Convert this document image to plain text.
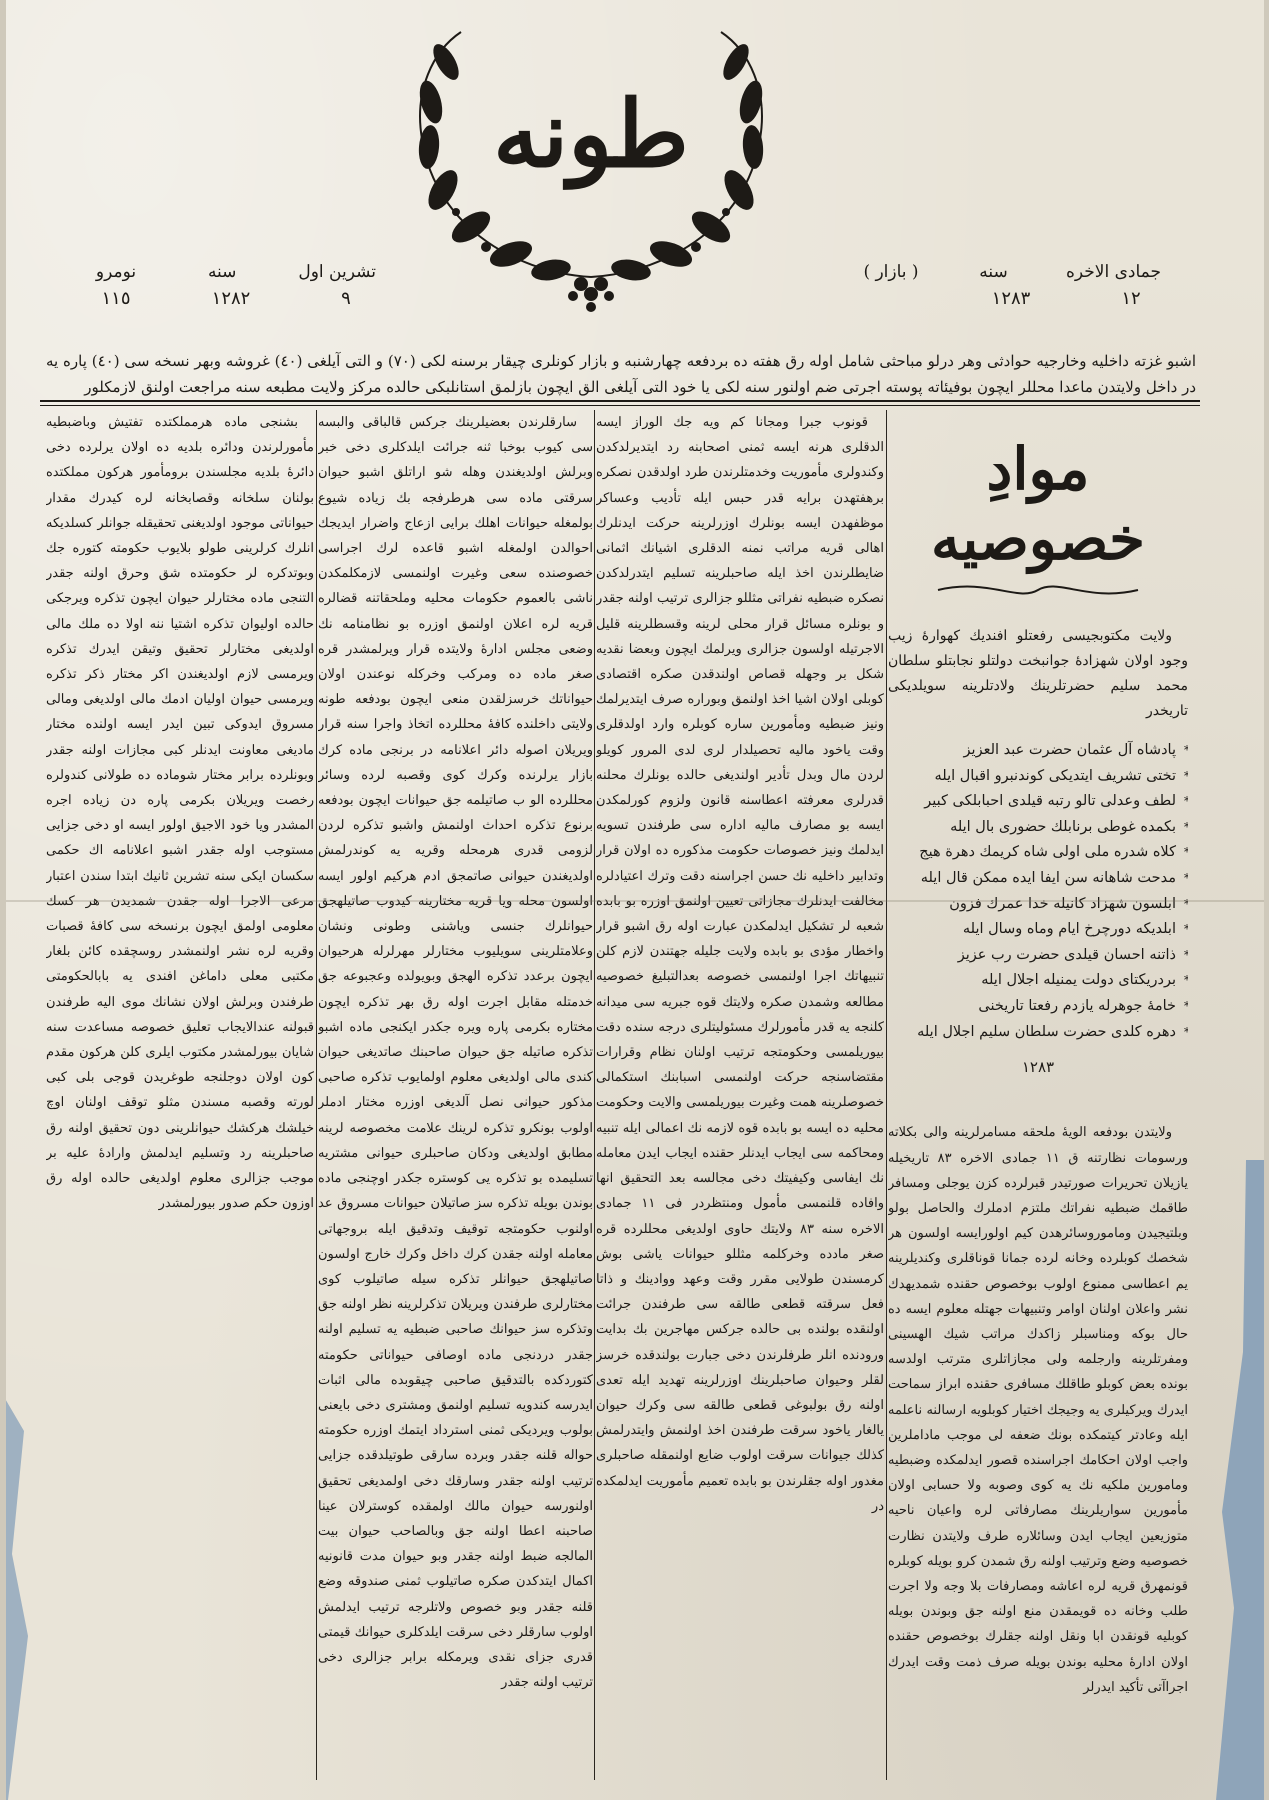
طونه
تشرين اول
سنه
نومرو
٩
١٢٨٢
١١٥
جمادى الاخره
سنه
( بازار )
١٢
١٢٨٣
اشبو غزته داخليه وخارجيه حوادثى وهر درلو مباحثى شامل اوله رق هفته ده بردفعه چهارشنبه و بازار كونلرى چيقار برسنه لكى (٧٠) و التى آيلغى (٤٠) غروشه وبهر نسخه سى (٤٠) پاره يه در داخل ولايتدن ماعدا محللر ايچون بوفيئاته پوسته اجرتى ضم اولنور سنه لكى يا خود التى آيلغى الق ايچون بازلمق استانلبكى حالده مركز ولايت مطبعه سنه مراجعت اولنق لازمكلور
موادِ خصوصيه

ولايت مكتوبجيسى رفعتلو افنديك كهوارهٔ زيب وجود اولان شهزادهٔ جوانبخت دولتلو نجابتلو سلطان محمد سليم حضرتلرينك ولادتلرينه سويلديكى تاريخدر

* پادشاه آل عثمان حضرت عبد العزيز
* تختى تشريف ايتديكى كوندنبرو اقبال ايله
* لطف وعدلى تالو رتبه قيلدى احبابلكى كبير
* بكمده غوطى برنابلك حضورى بال ايله
* كلاه شدره ملى اولى شاه كريمك دهرة هيج
* مدحت شاهانه سن ايفا ايده ممكن قال ايله
* ابلسون شهزاد كانيله خدا عمرك فزون
* ابلديكه دورچرخ ايام وماه وسال ايله
* ذاتنه احسان قيلدى حضرت رب عزيز
* بردريكتاى دولت يمنيله اجلال ايله
* خامهٔ جوهرله يازدم رفعتا تاريخنى
* دهره كلدى حضرت سلطان سليم اجلال ايله
١٢٨٣

ولايتدن بودفعه الويهٔ ملحقه مسامرلرينه والى بكلاته ورسومات نظارتنه ق ١١ جمادى الاخره ٨٣ تاريخيله يازيلان تحريرات صورتيدر قبرلرده كزن يوجلى ومسافر طاقمك ضبطيه نفراتك ملتزم ادملرك والحاصل بولو وبلتيجيدن وماموروسائرهدن كيم اولورايسه اولسون هر شخصك كوبلرده وخانه لرده جمانا قوناقلرى وكنديلرينه يم اعطاسى ممنوع اولوب بوخصوص حقنده شمديهدك نشر واعلان اولنان اوامر وتنبيهات جهتله معلوم ايسه ده حال بوكه ومناسبلر زاكدك مراتب شيك الهسينى ومفرتلرينه وارجلمه ولى مجازاتلرى مترتب اولدسه بونده بعض كوبلو طاقلك مسافرى حقنده ابراز سماحت ايدرك ويركيلرى يه وجيجك اختيار كوبلويه ارسالنه ناعلمه ايله وعادتر كيتمكده بونك ضعفه لى موجب ماداملرين واجب اولان احكامك اجراسنده قصور ايدلمكده وضبطيه ومامورين ملكيه نك يه كوى وصوبه ولا حسابى اولان مأمورين سواريلرينك مصارفاتى لره واعيان ناحيه متوزيعين ايجاب ايدن وسائلاره طرف ولايتدن نظارت خصوصيه وضع وترتيب اولنه رق شمدن كرو بويله كوبلره قونمهرق قريه لره اعاشه ومصارفات بلا وجه ولا اجرت طلب وخانه ده قويمقدن منع اولنه جق وبوندن بويله كوبليه قونقدن ابا ونقل اولنه جقلرك بوخصوص حقنده اولان ادارهٔ محليه بوندن بويله صرف ذمت وقت ايدرك اجراآتى تأكيد ايدرلر

قونوب جبرا ومجانا كم ويه جك الوراز ايسه الدقلرى هرنه ايسه ثمنى اصحابنه رد ايتديرلدكدن وكندولرى مأموريت وخدمتلرندن طرد اولدقدن نصكره برهفتهدن برايه قدر حبس ايله تأديب وعساكر موظفهدن ايسه بونلرك اوزرلرينه حركت ايدنلرك اهالى قريه مراتب نمنه الدقلرى اشيانك اثمانى ضايطلرندن اخذ ايله صاحبلرينه تسليم ايتدرلدكدن نصكره ضبطيه نفراتى مثللو جزالرى ترتيب اولنه جقدر و بونلره مسائل قرار محلى لرينه وقسطلرينه قليل الاجرتيله اولسون جزالرى ويرلمك ايچون وبعضا نقديه شكل بر وجهله قصاص اولندقدن صكره اقتصادى كوبلى اولان اشيا اخذ اولنمق وبوراره صرف ايتديرلمك ونيز ضبطيه ومأمورين ساره كوبلره وارد اولدقلرى وقت ياخود ماليه تحصيلدار لرى لدى المرور كويلو لردن مال وبدل تأدير اولنديغى حالده بونلرك محلنه قدرلرى معرفته اعطاسنه قانون ولزوم كورلمكدن ايسه بو مصارف ماليه اداره سى طرفندن تسويه ايدلمك ونيز خصوصات حكومت مذكوره ده اولان قرار وتدابير داخليه نك حسن اجراسنه دقت وترك اعتيادلره مخالفت ايدنلرك مجازاتى تعيين اولنمق اوزره بو بابده شعبه لر تشكيل ايدلمكدن عبارت اوله رق اشبو قرار واخطار مؤدى بو بابده ولايت جليله جهتندن لازم كلن تنبيهاتك اجرا اولنمسى خصوصه بعدالتبليغ خصوصيه مطالعه وشمدن صكره ولايتك قوه جبريه سى ميدانه كلنجه يه قدر مأمورلرك مسئوليتلرى درجه سنده دقت بيوريلمسى وحكومتجه ترتيب اولنان نظام وقرارات مقتضاسنجه حركت اولنمسى اسبابنك استكمالى خصوصلرينه همت وغيرت بيوريلمسى والايت وحكومت محليه ده ايسه بو بابده قوه لازمه نك اعمالى ايله تنبيه ومحاكمه سى ايجاب ايدنلر حقنده ايجاب ايدن معامله نك ايفاسى وكيفيتك دخى مجالسه بعد التحقيق انها وافاده قلنمسى مأمول ومنتظردر فى ١١ جمادى الاخره سنه ٨٣ ولايتك حاوى اولديغى محللرده قره صغر مادده وخركلمه مثللو حيوانات ياشى بوش كرمسندن طولايى مقرر وقت وعهد ووادينك و ذاتا فعل سرقته قطعى طالقه سى طرفندن جرائت اولنقده بولنده بى حالده جركس مهاجرين بك بدايت ورودنده انلر طرفلرندن دخى جبارت بولندقده خرسز لقلر وحيوان صاحبلرينك اوزرلرينه تهديد ايله تعدى اولنه رق بولبوغى قطعى طالقه سى وكرك حيوان يالغار ياخود سرقت طرفندن اخذ اولنمش وايتدرلمش كذلك جيوانات سرقت اولوب ضايع اولنمقله صاحبلرى مغدور اوله جقلرندن بو بابده تعميم مأموريت ايدلمكده در

سارقلرندن بعضيلرينك جركس قالباقى والبسه سى كيوب بوخبا ثنه جرائت ايلدكلرى دخى خبر وبرلش اولديغندن وهله شو اراتلق اشبو حيوان سرقتى ماده سى هرطرفجه بك زياده شيوع بولمغله حيوانات اهلك برايى ازعاج واضرار ايديجك احوالدن اولمغله اشبو قاعده لرك اجراسى خصوصنده سعى وغيرت اولنمسى لازمكلمكدن ناشى بالعموم حكومات محليه وملحقاتنه قضالره قريه لره اعلان اولنمق اوزره بو نظامنامه نك وضعى مجلس ادارهٔ ولايتده قرار ويرلمشدر قره صغر ماده ده ومركب وخركله نوعندن اولان حيواناتك خرسزلقدن منعى ايچون بودفعه طونه ولايتى داخلنده كافهٔ محللرده اتخاذ واجرا سنه قرار ويريلان اصوله دائر اعلانامه در برنجى ماده كرك بازار يرلرنده وكرك كوى وقصبه لرده وسائر محللرده الو ب صاتيلمه جق حيوانات ايچون بودفعه برنوع تذكره احداث اولنمش واشبو تذكره لردن لزومى قدرى هرمحله وقريه يه كوندرلمش اولديغندن حيوانى صاتمجق ادم هركيم اولور ايسه اولسون محله ويا قريه مختارينه كيدوب صاتيلهجق حيوانلرك جنسى وياشنى وطونى ونشان وعلامتلرينى سويليوب مختارلر مهرلرله هرحيوان ايچون برعدد تذكره الهجق وبويولده وعجبوعه جق خدمتله مقابل اجرت اوله رق بهر تذكره ايچون مختاره بكرمى پاره ويره جكدر ايكنجى ماده اشبو تذكره صاتيله جق حيوان صاحبنك صاتديغى حيوان كندى مالى اولديغى معلوم اولمايوب تذكره صاحبى مذكور حيوانى نصل آلديغى اوزره مختار ادملر اولوب بونكرو تذكره لرينك علامت مخصوصه لرينه مطابق اولديغى ودكان صاحبلرى حيوانى مشتريه تسليمده بو تذكره يى كوستره جكدر اوچنجى ماده بوندن بويله تذكره سز صاتيلان حيوانات مسروق عد اولنوب حكومتجه توقيف وتدقيق ايله بروجهاتى معامله اولنه جقدن كرك داخل وكرك خارج اولسون صاتيلهجق حيوانلر تذكره سيله صاتيلوب كوى مختارلرى طرفندن ويريلان تذكرلرينه نظر اولنه جق وتذكره سز حيوانك صاحبى ضبطيه يه تسليم اولنه جقدر دردنجى ماده اوصافى حيواناتى حكومته كتوردكده بالتدقيق صاحبى چيقوبده مالى اثبات ايدرسه كندويه تسليم اولنمق ومشترى دخى بايعنى بولوب ويرديكى ثمنى استرداد ايتمك اوزره حكومته حواله قلنه جقدر وبرده سارقى طوتيلدقده جزايى ترتيب اولنه جقدر وسارقك دخى اولمديغى تحقيق اولنورسه حيوان مالك اولمقده كوسترلان عينا صاحبنه اعطا اولنه جق وبالصاحب حيوان بيت المالجه ضبط اولنه جقدر وبو حيوان مدت قانونيه اكمال ايتدكدن صكره صاتيلوب ثمنى صندوقه وضع قلنه جقدر وبو خصوص ولاتلرجه ترتيب ايدلمش اولوب سارقلر دخى سرقت ايلدكلرى حيوانك قيمتى قدرى جزاى نقدى ويرمكله برابر جزالرى دخى ترتيب اولنه جقدر

بشنجى ماده هرمملكتده تفتيش وباضبطيه مأمورلرندن ودائره بلديه ده اولان يرلرده دخى دائرهٔ بلديه مجلسندن برومأمور هركون مملكتده بولنان سلخانه وقصابخانه لره كيدرك مقدار حيواناتى موجود اولديغنى تحقيقله جوانلر كسلديكه انلرك كرلرينى طولو بلايوب حكومته كتوره جك وبوتدكره لر حكومتده شق وحرق اولنه جقدر التنجى ماده مختارلر حيوان ايچون تذكره ويرجكى حالده اوليوان تذكره اشتيا ننه اولا ده ملك مالى اولديغى مختارلر تحقيق وتيقن ايدرك تذكره ويرمسى لازم اولديغندن اكر مختار ذكر تذكره ويرمسى حيوان اوليان ادمك مالى اولديغى ومالى مسروق ايدوكى تبين ايدر ايسه اولنده مختار ماديغى معاونت ايدنلر كبى مجازات اولنه جقدر وبونلرده برابر مختار شوماده ده طولانى كندولره رخصت ويريلان بكرمى پاره دن زياده اجره المشدر ويا خود الاجيق اولور ايسه او دخى جزايى مستوجب اوله جقدر اشبو اعلانامه اك حكمى سكسان ايكى سنه تشرين ثانيك ابتدا سندن اعتبار مرعى الاجرا اوله جقدن شمديدن هر كسك معلومى اولمق ايچون برنسخه سى كافهٔ قصبات وقريه لره نشر اولنمشدر روسچقده كائن بلغار مكتبى معلى داماغن افندى يه بابالحكومتى طرفندن وبرلش اولان نشانك موى اليه طرفندن قبولنه عندالايجاب تعليق خصوصه مساعدت سنه شايان بيورلمشدر مكتوب ايلرى كلن هركون مقدم كون اولان دوجلنجه طوغريدن قوجى بلى كبى لورته وقصبه مسندن مثلو توقف اولنان اوچ خيلشك هركشك حيوانلرينى دون تحقيق اولنه رق صاحبلرينه رد وتسليم ايدلمش وارادهٔ عليه بر موجب جزالرى معلوم اولديغى حالده اوله رق اوزون حكم صدور بيورلمشدر
